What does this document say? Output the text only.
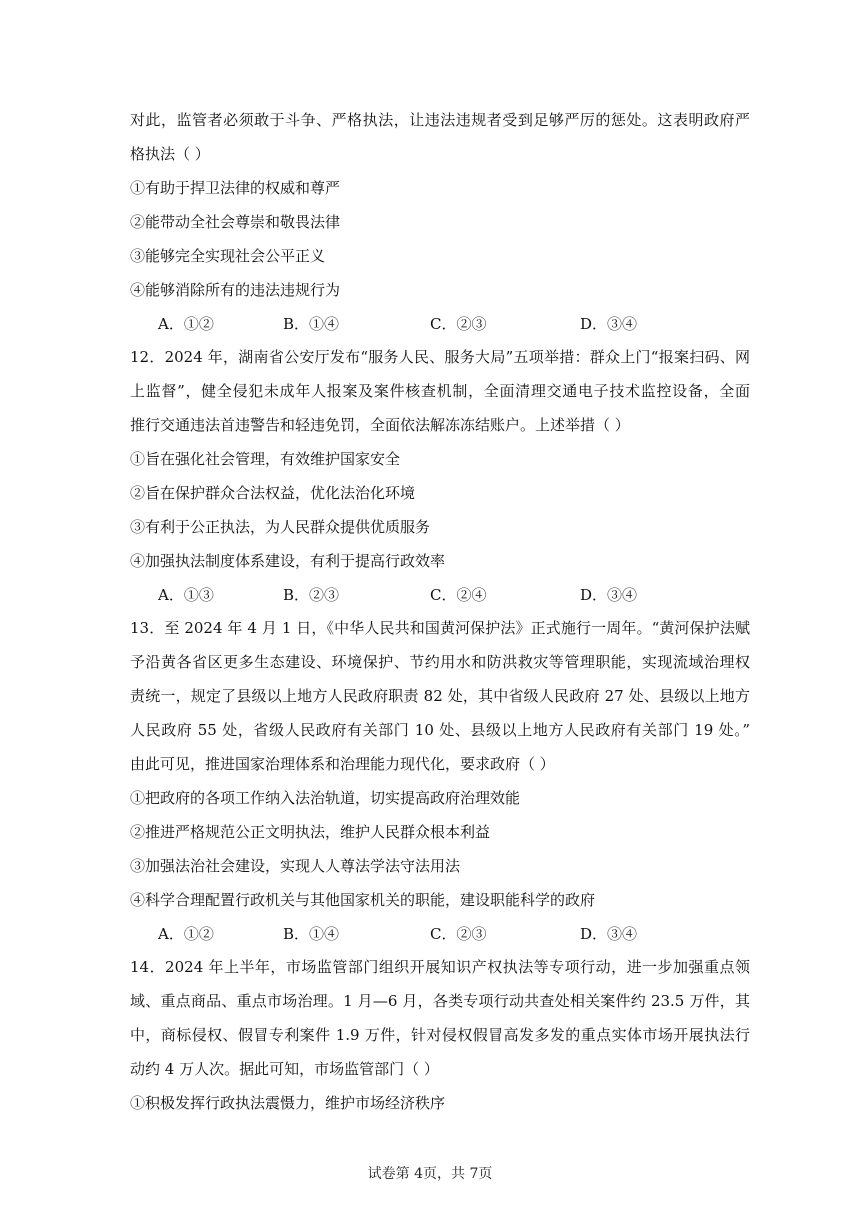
对此，监管者必须敢于斗争、严格执法，让违法违规者受到足够严厉的惩处。这表明政府严
格执法（ ）
①有助于捍卫法律的权威和尊严
②能带动全社会尊崇和敬畏法律
③能够完全实现社会公平正义
④能够消除所有的违法违规行为
A．①②	B．①④	C．②③	D．③④
12．2024 年，湖南省公安厅发布“服务人民、服务大局”五项举措：群众上门“报案扫码、网
上监督”，健全侵犯未成年人报案及案件核查机制，全面清理交通电子技术监控设备，全面
推行交通违法首违警告和轻违免罚，全面依法解冻冻结账户。上述举措（ ）
①旨在强化社会管理，有效维护国家安全
②旨在保护群众合法权益，优化法治化环境
③有利于公正执法，为人民群众提供优质服务
④加强执法制度体系建设，有利于提高行政效率
A．①③	B．②③	C．②④	D．③④
13．至 2024 年 4 月 1 日，《中华人民共和国黄河保护法》正式施行一周年。“黄河保护法赋
予沿黄各省区更多生态建设、环境保护、节约用水和防洪救灾等管理职能，实现流域治理权
责统一，规定了县级以上地方人民政府职责 82 处，其中省级人民政府 27 处、县级以上地方
人民政府 55 处，省级人民政府有关部门 10 处、县级以上地方人民政府有关部门 19 处。”
由此可见，推进国家治理体系和治理能力现代化，要求政府（ ）
①把政府的各项工作纳入法治轨道，切实提高政府治理效能
②推进严格规范公正文明执法，维护人民群众根本利益
③加强法治社会建设，实现人人尊法学法守法用法
④科学合理配置行政机关与其他国家机关的职能，建设职能科学的政府
A．①②	B．①④	C．②③	D．③④
14．2024 年上半年，市场监管部门组织开展知识产权执法等专项行动，进一步加强重点领
域、重点商品、重点市场治理。1 月—6 月，各类专项行动共查处相关案件约 23.5 万件，其
中，商标侵权、假冒专利案件 1.9 万件，针对侵权假冒高发多发的重点实体市场开展执法行
动约 4 万人次。据此可知，市场监管部门（ ）
①积极发挥行政执法震慑力，维护市场经济秩序
试卷第 4页，共 7页
